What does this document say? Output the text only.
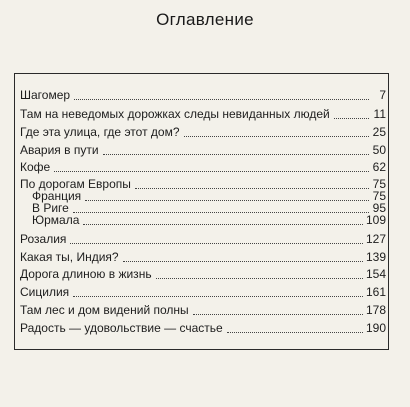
Оглавление
Шагомер	7
Там на неведомых дорожках следы невиданных людей	11
Где эта улица, где этот дом?	25
Авария в пути	50
Кофе	62
По дорогам Европы	75
Франция	75
В Риге	95
Юрмала	109
Розалия	127
Какая ты, Индия?	139
Дорога длиною в жизнь	154
Сицилия	161
Там лес и дом видений полны	178
Радость — удовольствие — счастье	190
